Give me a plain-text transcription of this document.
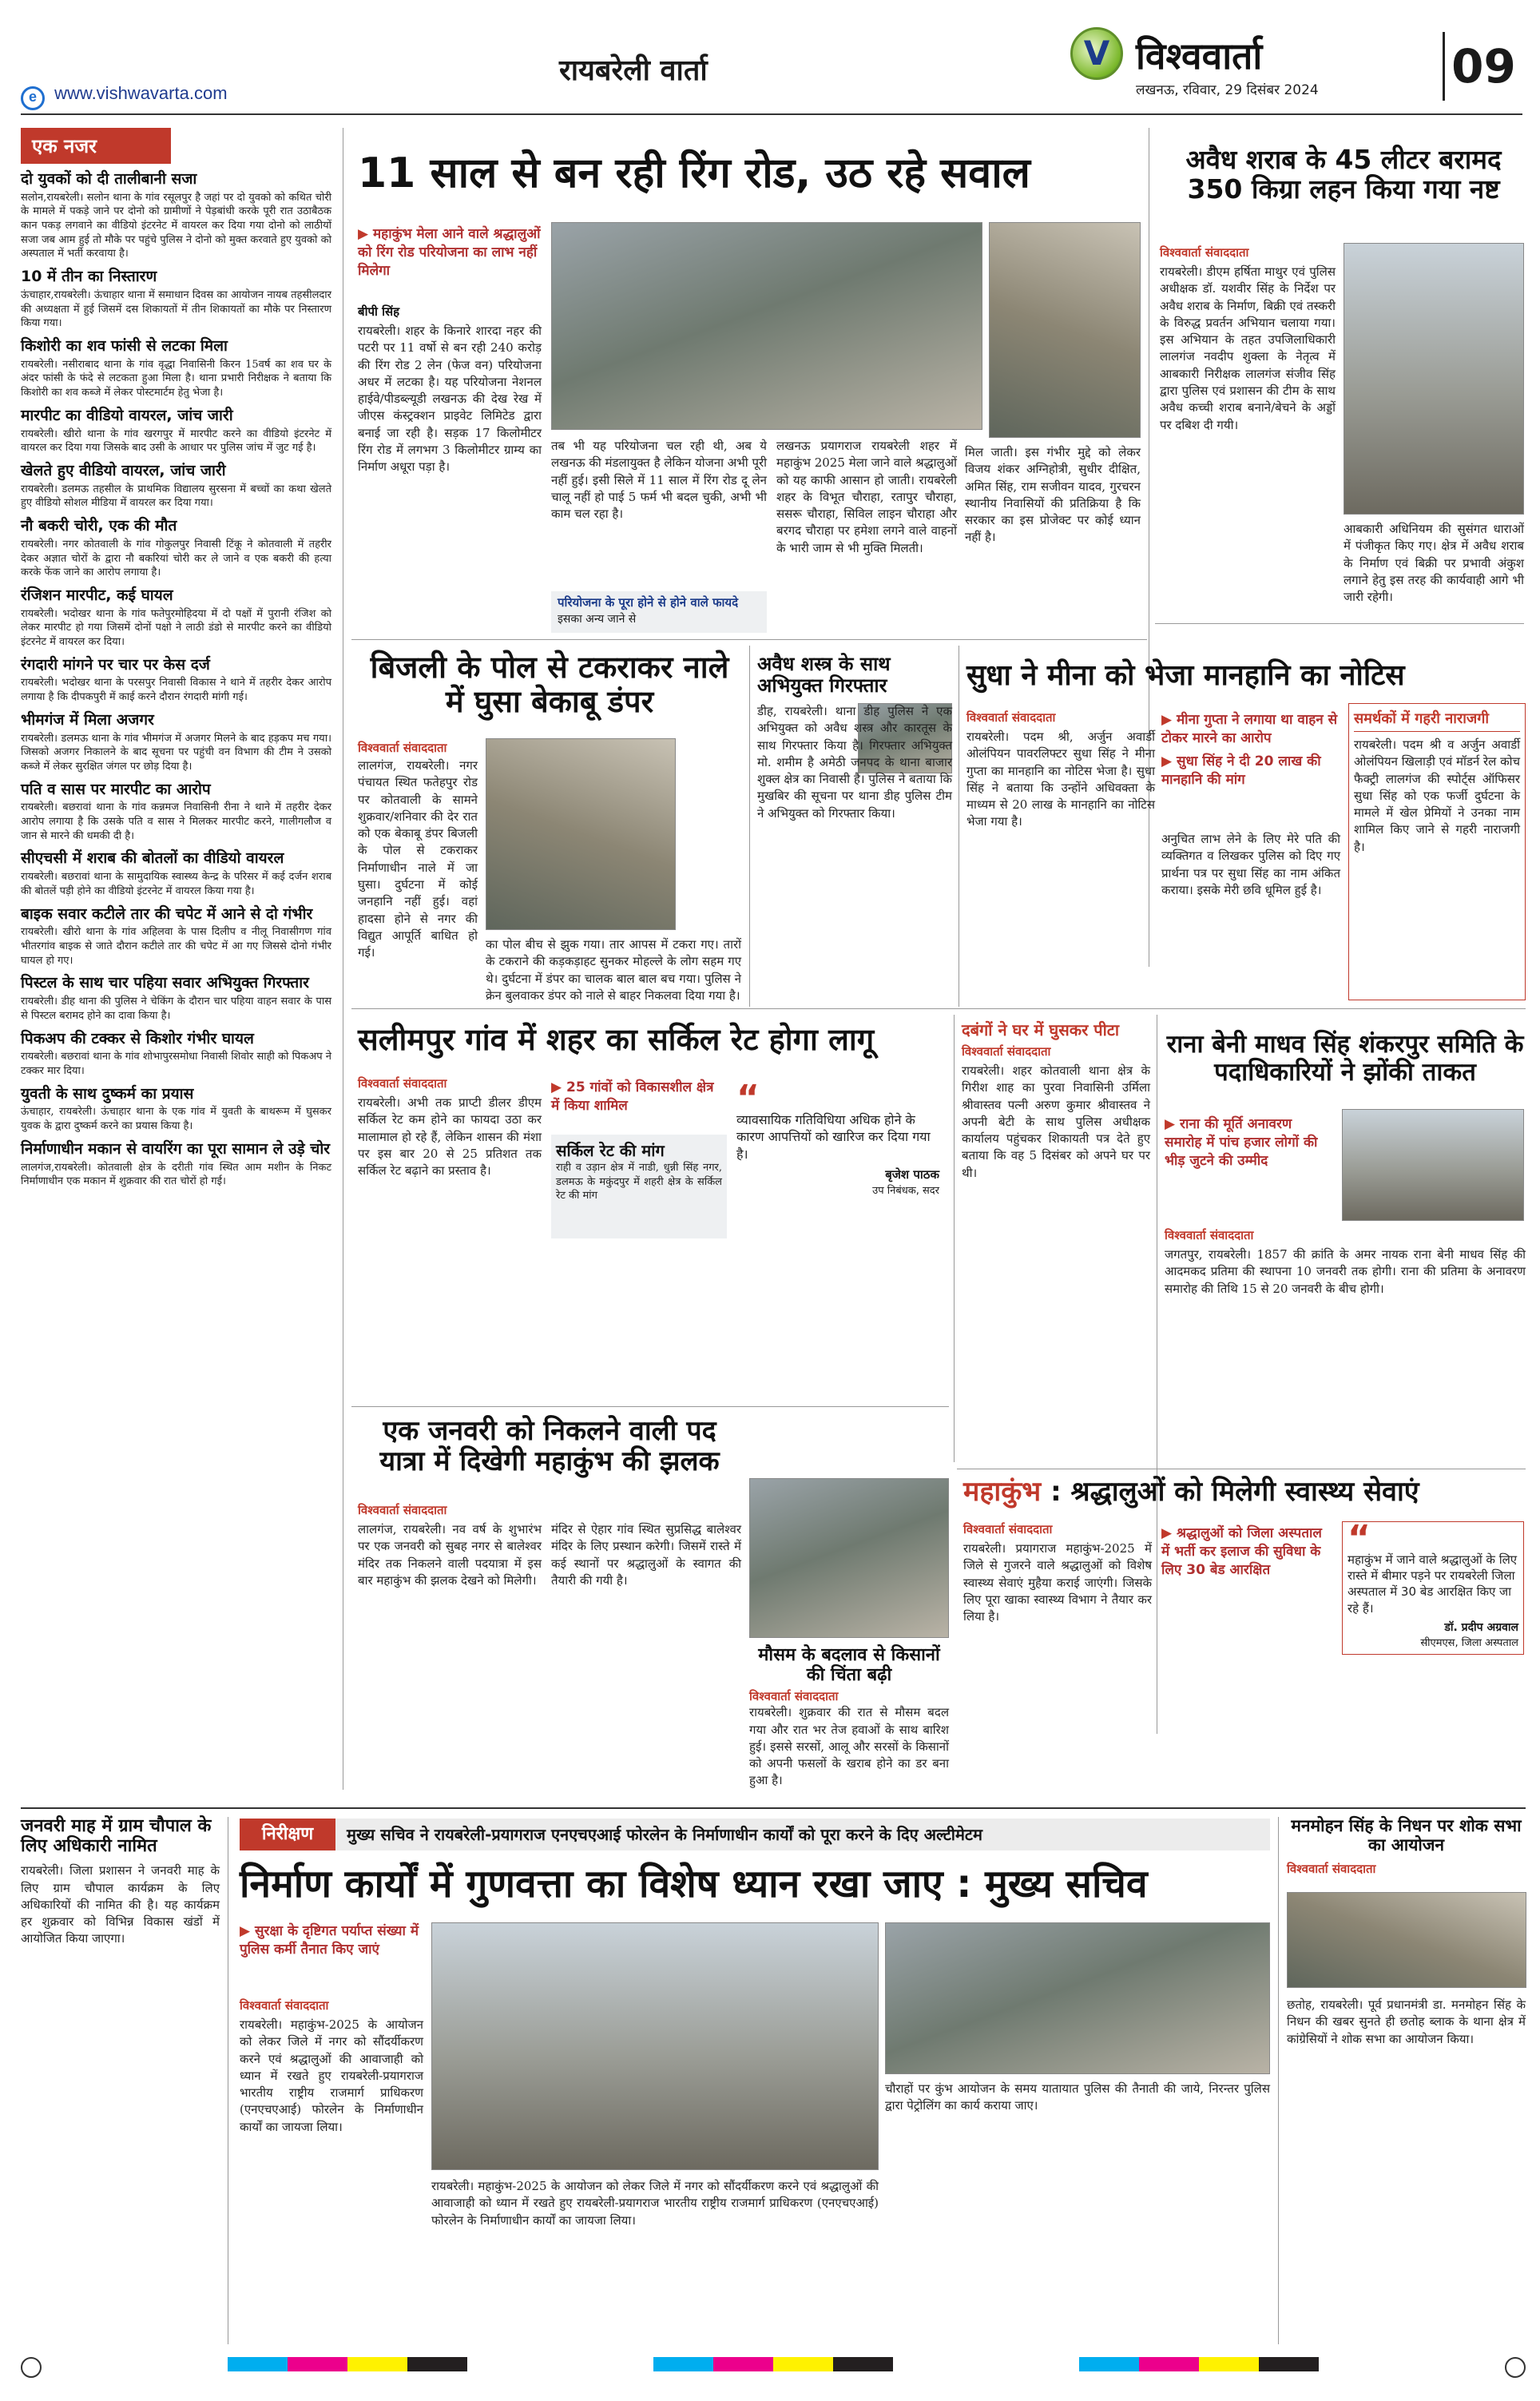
e www.vishwavarta.com
रायबरेली वार्ता	V विश्ववार्ता
लखनऊ, रविवार, 29 दिसंबर 2024	09
एक नजर
दो युवकों को दी तालीबानी सजा
सलोन,रायबरेली। सलोन थाना के गांव रसूलपुर है जहां पर दो युवको को कथित चोरी के मामले में पकड़े जाने पर दोनो को ग्रामीणों ने पेड़बांधी करके पूरी रात उठाबैठक कान पकड़ लगवाने का वीडियो इंटरनेट में वायरल कर दिया गया दोनो को लाठीयों सजा जब आम हुई तो मौके पर पहुंचे पुलिस ने दोनो को मुक्त करवाते हुए युवको को अस्पताल में भर्ती करवाया है।
10 में तीन का निस्तारण
ऊंचाहार,रायबरेली। ऊंचाहार थाना में समाधान दिवस का आयोजन नायब तहसीलदार की अध्यक्षता में हुई जिसमें दस शिकायतों में तीन शिकायतों का मौके पर निस्तारण किया गया।
किशोरी का शव फांसी से लटका मिला
रायबरेली। नसीराबाद थाना के गांव वृद्धा निवासिनी किरन 15वर्ष का शव घर के अंदर फांसी के फंदे से लटकता हुआ मिला है। थाना प्रभारी निरीक्षक ने बताया कि किशोरी का शव कब्जे में लेकर पोस्टमार्टम हेतु भेजा है।
मारपीट का वीडियो वायरल, जांच जारी
रायबरेली। खीरो थाना के गांव खरगपुर में मारपीट करने का वीडियो इंटरनेट में वायरल कर दिया गया जिसके बाद उसी के आधार पर पुलिस जांच में जुट गई है।
खेलते हुए वीडियो वायरल, जांच जारी
रायबरेली। डलमऊ तहसील के प्राथमिक विद्यालय सुरसना में बच्चों का कथा खेलते हुए वीडियो सोशल मीडिया में वायरल कर दिया गया।
नौ बकरी चोरी, एक की मौत
रायबरेली। नगर कोतवाली के गांव गोकुलपुर निवासी टिंकू ने कोतवाली में तहरीर देकर अज्ञात चोरों के द्वारा नौ बकरियां चोरी कर ले जाने व एक बकरी की हत्या करके फेंक जाने का आरोप लगाया है।
रंजिशन मारपीट, कई घायल
रायबरेली। भदोखर थाना के गांव फतेपुरमोहिदया में दो पक्षों में पुरानी रंजिश को लेकर मारपीट हो गया जिसमें दोनों पक्षो ने लाठी डंडो से मारपीट करने का वीडियो इंटरनेट में वायरल कर दिया।
रंगदारी मांगने पर चार पर केस दर्ज
रायबरेली। भदोखर थाना के परसपुर निवासी विकास ने थाने में तहरीर देकर आरोप लगाया है कि दीपकपुरी में काई करने दौरान रंगदारी मांगी गई।
भीमगंज में मिला अजगर
रायबरेली। डलमऊ थाना के गांव भीमगंज में अजगर मिलने के बाद हड़कप मच गया। जिसको अजगर निकालने के बाद सूचना पर पहुंची वन विभाग की टीम ने उसको कब्जे में लेकर सुरक्षित जंगल पर छोड़ दिया है।
पति व सास पर मारपीट का आरोप
रायबरेली। बछरावां थाना के गांव कन्नमज निवासिनी रीना ने थाने में तहरीर देकर आरोप लगाया है कि उसके पति व सास ने मिलकर मारपीट करने, गालीगलौज व जान से मारने की धमकी दी है।
सीएचसी में शराब की बोतलों का वीडियो वायरल
रायबरेली। बछरावां थाना के सामुदायिक स्वास्थ्य केन्द्र के परिसर में कई दर्जन शराब की बोतलें पड़ी होने का वीडियो इंटरनेट में वायरल किया गया है।
बाइक सवार कटीले तार की चपेट में आने से दो गंभीर
रायबरेली। खीरो थाना के गांव अहिलवा के पास दिलीप व नीलू निवासीगण गांव भीतरगांव बाइक से जाते दौरान कटीले तार की चपेट में आ गए जिससे दोनो गंभीर घायल हो गए।
पिस्टल के साथ चार पहिया सवार अभियुक्त गिरफ्तार
रायबरेली। डीह थाना की पुलिस ने चेकिंग के दौरान चार पहिया वाहन सवार के पास से पिस्टल बरामद होने का दावा किया है।
पिकअप की टक्कर से किशोर गंभीर घायल
रायबरेली। बछरावां थाना के गांव शोभापुरसमोधा निवासी शिवोर साही को पिकअप ने टक्कर मार दिया।
युवती के साथ दुष्कर्म का प्रयास
ऊंचाहार, रायबरेली। ऊंचाहार थाना के एक गांव में युवती के बाथरूम में घुसकर युवक के द्वारा दुष्कर्म करने का प्रयास किया है।
निर्माणाधीन मकान से वायरिंग का पूरा सामान ले उड़े चोर
लालगंज,रायबरेली। कोतवाली क्षेत्र के दरीती गांव स्थित आम मशीन के निकट निर्माणाधीन एक मकान में शुक्रवार की रात चोरों हो गई।
11 साल से बन रही रिंग रोड, उठ रहे सवाल
▶ महाकुंभ मेला आने वाले श्रद्धालुओं को रिंग रोड परियोजना का लाभ नहीं मिलेगा
बीपी सिंह
रायबरेली। शहर के किनारे शारदा नहर की पटरी पर 11 वर्षो से बन रही 240 करोड़ की रिंग रोड 2 लेन (फेज वन) परियोजना अधर में लटका है। यह परियोजना नेशनल हाईवे/पीडब्ल्यूडी लखनऊ की देख रेख में जीएस कंस्ट्रक्शन प्राइवेट लिमिटेड द्वारा बनाई जा रही है। सड़क 17 किलोमीटर रिंग रोड में लगभग 3 किलोमीटर ग्राम्य का निर्माण अधूरा पड़ा है।
तब भी यह परियोजना चल रही थी, अब ये लखनऊ की मंडलायुक्त है लेकिन योजना अभी पूरी नहीं हुई। इसी सिले में 11 साल में रिंग रोड दू लेन चालू नहीं हो पाई 5 फर्म भी बदल चुकी, अभी भी काम चल रहा है।
परियोजना के पूरा होने से होने वाले फायदे इसका अन्य जाने से
लखनऊ प्रयागराज रायबरेली शहर में महाकुंभ 2025 मेला जाने वाले श्रद्धालुओं को यह काफी आसान हो जाती। रायबरेली शहर के विभूत चौराहा, रतापुर चौराहा, ससरू चौराहा, सिविल लाइन चौराहा और बरगद चौराहा पर हमेशा लगने वाले वाहनों के भारी जाम से भी मुक्ति मिलती।
मिल जाती। इस गंभीर मुद्दे को लेकर विजय शंकर अग्निहोत्री, सुधीर दीक्षित, अमित सिंह, राम सजीवन यादव, गुरचरन स्थानीय निवासियों की प्रतिक्रिया है कि सरकार का इस प्रोजेक्ट पर कोई ध्यान नहीं है।
अवैध शराब के 45 लीटर बरामद 350 किग्रा लहन किया गया नष्ट
विश्ववार्ता संवाददाता
रायबरेली। डीएम हर्षिता माथुर एवं पुलिस अधीक्षक डॉ. यशवीर सिंह के निर्देश पर अवैध शराब के निर्माण, बिक्री एवं तस्करी के विरुद्ध प्रवर्तन अभियान चलाया गया। इस अभियान के तहत उपजिलाधिकारी लालगंज नवदीप शुक्ला के नेतृत्व में आबकारी निरीक्षक लालगंज संजीव सिंह द्वारा पुलिस एवं प्रशासन की टीम के साथ अवैध कच्ची शराब बनाने/बेचने के अड्डों पर दबिश दी गयी।
आबकारी अधिनियम की सुसंगत धाराओं में पंजीकृत किए गए। क्षेत्र में अवैध शराब के निर्माण एवं बिक्री पर प्रभावी अंकुश लगाने हेतु इस तरह की कार्यवाही आगे भी जारी रहेगी।
बिजली के पोल से टकराकर नाले में घुसा बेकाबू डंपर
विश्ववार्ता संवाददाता
लालगंज, रायबरेली। नगर पंचायत स्थित फतेहपुर रोड पर कोतवाली के सामने शुक्रवार/शनिवार की देर रात को एक बेकाबू डंपर बिजली के पोल से टकराकर निर्माणाधीन नाले में जा घुसा। दुर्घटना में कोई जनहानि नहीं हुई। वहां हादसा होने से नगर की विद्युत आपूर्ति बाधित हो गई।
का पोल बीच से झुक गया। तार आपस में टकरा गए। तारों के टकराने की कड़कड़ाहट सुनकर मोहल्ले के लोग सहम गए थे। दुर्घटना में डंपर का चालक बाल बाल बच गया। पुलिस ने क्रेन बुलवाकर डंपर को नाले से बाहर निकलवा दिया गया है।
अवैध शस्त्र के साथ अभियुक्त गिरफ्तार
डीह, रायबरेली। थाना डीह पुलिस ने एक अभियुक्त को अवैध शस्त्र और कारतूस के साथ गिरफ्तार किया है। गिरफ्तार अभियुक्त मो. शमीम है अमेठी जनपद के थाना बाजार शुक्ल क्षेत्र का निवासी है। पुलिस ने बताया कि मुखबिर की सूचना पर थाना डीह पुलिस टीम ने अभियुक्त को गिरफ्तार किया।
सुधा ने मीना को भेजा मानहानि का नोटिस
विश्ववार्ता संवाददाता
रायबरेली। पदम श्री, अर्जुन अवार्डी ओलंपियन पावरलिफ्टर सुधा सिंह ने मीना गुप्ता का मानहानि का नोटिस भेजा है। सुधा सिंह ने बताया कि उन्होंने अधिवक्ता के माध्यम से 20 लाख के मानहानि का नोटिस भेजा गया है।
▶ मीना गुप्ता ने लगाया था वाहन से टोकर मारने का आरोप
▶ सुधा सिंह ने दी 20 लाख की मानहानि की मांग
अनुचित लाभ लेने के लिए मेरे पति की व्यक्तिगत व लिखकर पुलिस को दिए गए प्रार्थना पत्र पर सुधा सिंह का नाम अंकित कराया। इसके मेरी छवि धूमिल हुई है।
समर्थकों में गहरी नाराजगी
रायबरेली। पदम श्री व अर्जुन अवार्डी ओलंपियन खिलाड़ी एवं मॉडर्न रेल कोच फैक्ट्री लालगंज की स्पोर्ट्स ऑफिसर सुधा सिंह को एक फर्जी दुर्घटना के मामले में खेल प्रेमियों ने उनका नाम शामिल किए जाने से गहरी नाराजगी है।
सलीमपुर गांव में शहर का सर्किल रेट होगा लागू
विश्ववार्ता संवाददाता
रायबरेली। अभी तक प्राप्टी डीलर डीएम सर्किल रेट कम होने का फायदा उठा कर मालामाल हो रहे हैं, लेकिन शासन की मंशा पर इस बार 20 से 25 प्रतिशत तक सर्किल रेट बढ़ाने का प्रस्ताव है।
▶ 25 गांवों को विकासशील क्षेत्र में किया शामिल
सर्किल रेट की मांग
राही व उड़ान क्षेत्र में नाडी, धुन्नी सिंह नगर, डलमऊ के मकुंदपुर में शहरी क्षेत्र के सर्किल रेट की मांग
“
व्यावसायिक गतिविधिया अधिक होने के कारण आपत्तियों को खारिज कर दिया गया है।
बृजेश पाठक
उप निबंधक, सदर
दबंगों ने घर में घुसकर पीटा
विश्ववार्ता संवाददाता
रायबरेली। शहर कोतवाली थाना क्षेत्र के गिरीश शाह का पुरवा निवासिनी उर्मिला श्रीवास्तव पत्नी अरुण कुमार श्रीवास्तव ने अपनी बेटी के साथ पुलिस अधीक्षक कार्यालय पहुंचकर शिकायती पत्र देते हुए बताया कि वह 5 दिसंबर को अपने घर पर थी।
राना बेनी माधव सिंह शंकरपुर समिति के पदाधिकारियों ने झोंकी ताकत
▶ राना की मूर्ति अनावरण समारोह में पांच हजार लोगों की भीड़ जुटने की उम्मीद
विश्ववार्ता संवाददाता
जगतपुर, रायबरेली। 1857 की क्रांति के अमर नायक राना बेनी माधव सिंह की आदमकद प्रतिमा की स्थापना 10 जनवरी तक होगी। राना की प्रतिमा के अनावरण समारोह की तिथि 15 से 20 जनवरी के बीच होगी।
एक जनवरी को निकलने वाली पद यात्रा में दिखेगी महाकुंभ की झलक
विश्ववार्ता संवाददाता
लालगंज, रायबरेली। नव वर्ष के शुभारंभ पर एक जनवरी को सुबह नगर से बालेश्वर मंदिर तक निकलने वाली पदयात्रा में इस बार महाकुंभ की झलक देखने को मिलेगी।
मंदिर से ऐहार गांव स्थित सुप्रसिद्ध बालेश्वर मंदिर के लिए प्रस्थान करेगी। जिसमें रास्ते में कई स्थानों पर श्रद्धालुओं के स्वागत की तैयारी की गयी है।
मौसम के बदलाव से किसानों की चिंता बढ़ी
विश्ववार्ता संवाददाता
रायबरेली। शुक्रवार की रात से मौसम बदल गया और रात भर तेज हवाओं के साथ बारिश हुई। इससे सरसों, आलू और सरसों के किसानों को अपनी फसलों के खराब होने का डर बना हुआ है।
महाकुंभ : श्रद्धालुओं को मिलेगी स्वास्थ्य सेवाएं
विश्ववार्ता संवाददाता
रायबरेली। प्रयागराज महाकुंभ-2025 में जिले से गुजरने वाले श्रद्धालुओं को विशेष स्वास्थ्य सेवाएं मुहैया कराई जाएंगी। जिसके लिए पूरा खाका स्वास्थ्य विभाग ने तैयार कर लिया है।
▶ श्रद्धालुओं को जिला अस्पताल में भर्ती कर इलाज की सुविधा के लिए 30 बेड आरक्षित
“
महाकुंभ में जाने वाले श्रद्धालुओं के लिए रास्ते में बीमार पड़ने पर रायबरेली जिला अस्पताल में 30 बेड आरक्षित किए जा रहे हैं।
डॉ. प्रदीप अग्रवाल
सीएमएस, जिला अस्पताल
जनवरी माह में ग्राम चौपाल के लिए अधिकारी नामित
रायबरेली। जिला प्रशासन ने जनवरी माह के लिए ग्राम चौपाल कार्यक्रम के लिए अधिकारियों की नामित की है। यह कार्यक्रम हर शुक्रवार को विभिन्न विकास खंडों में आयोजित किया जाएगा।
निरीक्षण	मुख्य सचिव ने रायबरेली-प्रयागराज एनएचएआई फोरलेन के निर्माणाधीन कार्यों को पूरा करने के दिए अल्टीमेटम
निर्माण कार्यों में गुणवत्ता का विशेष ध्यान रखा जाए : मुख्य सचिव
▶ सुरक्षा के दृष्टिगत पर्याप्त संख्या में पुलिस कर्मी तैनात किए जाएं
विश्ववार्ता संवाददाता
रायबरेली। महाकुंभ-2025 के आयोजन को लेकर जिले में नगर को सौंदर्यीकरण करने एवं श्रद्धालुओं की आवाजाही को ध्यान में रखते हुए रायबरेली-प्रयागराज भारतीय राष्ट्रीय राजमार्ग प्राधिकरण (एनएचएआई) फोरलेन के निर्माणाधीन कार्यों का जायजा लिया।
चौराहों पर कुंभ आयोजन के समय यातायात पुलिस की तैनाती की जाये, निरन्तर पुलिस द्वारा पेट्रोलिंग का कार्य कराया जाए।
रायबरेली। महाकुंभ-2025 के आयोजन को लेकर जिले में नगर को सौंदर्यीकरण करने एवं श्रद्धालुओं की आवाजाही को ध्यान में रखते हुए रायबरेली-प्रयागराज भारतीय राष्ट्रीय राजमार्ग प्राधिकरण (एनएचएआई) फोरलेन के निर्माणाधीन कार्यों का जायजा लिया।
मनमोहन सिंह के निधन पर शोक सभा का आयोजन
विश्ववार्ता संवाददाता
छतोह, रायबरेली। पूर्व प्रधानमंत्री डा. मनमोहन सिंह के निधन की खबर सुनते ही छतोह ब्लाक के थाना क्षेत्र में कांग्रेसियों ने शोक सभा का आयोजन किया।
